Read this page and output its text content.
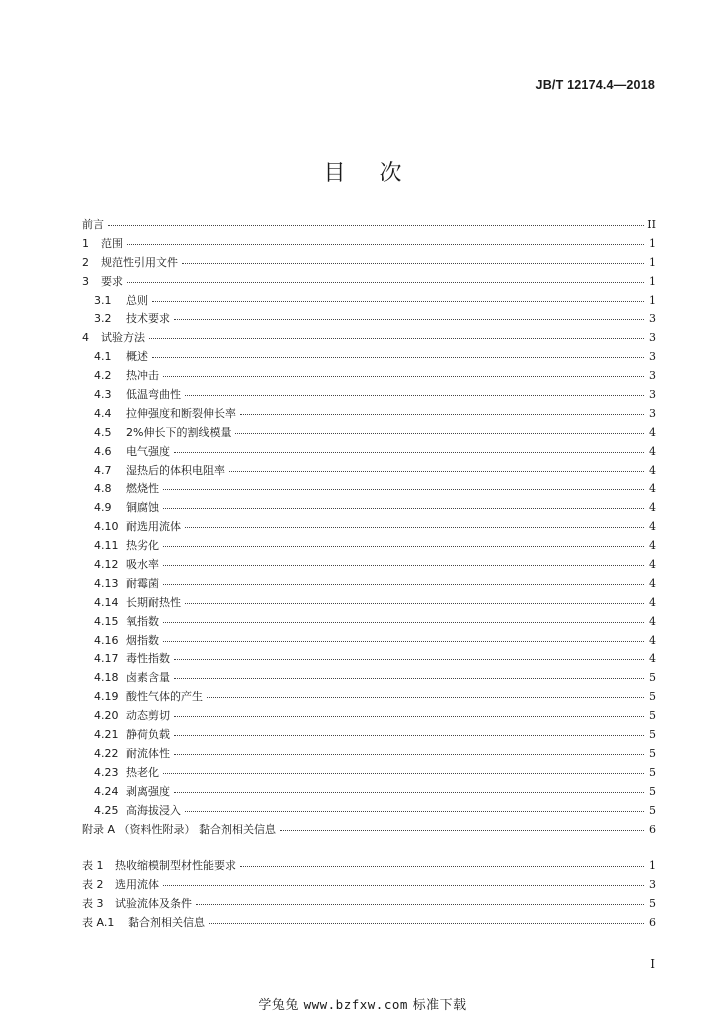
JB/T 12174.4—2018
目次
前言	II
1	范围	1
2	规范性引用文件	1
3	要求	1
3.1	总则	1
3.2	技术要求	3
4	试验方法	3
4.1	概述	3
4.2	热冲击	3
4.3	低温弯曲性	3
4.4	拉伸强度和断裂伸长率	3
4.5	2%伸长下的割线模量	4
4.6	电气强度	4
4.7	湿热后的体积电阻率	4
4.8	燃烧性	4
4.9	铜腐蚀	4
4.10 耐选用流体	4
4.11 热劣化	4
4.12 吸水率	4
4.13 耐霉菌	4
4.14 长期耐热性	4
4.15 氧指数	4
4.16 烟指数	4
4.17 毒性指数	4
4.18 卤素含量	5
4.19 酸性气体的产生	5
4.20 动态剪切	5
4.21 静荷负载	5
4.22 耐流体性	5
4.23 热老化	5
4.24 剥离强度	5
4.25 高海拔浸入	5
附录 A （资料性附录） 黏合剂相关信息	6
表 1	热收缩模制型材性能要求	1
表 2	选用流体	3
表 3	试验流体及条件	5
表 A.1	黏合剂相关信息	6
I
学兔兔 www.bzfxw.com 标准下载
